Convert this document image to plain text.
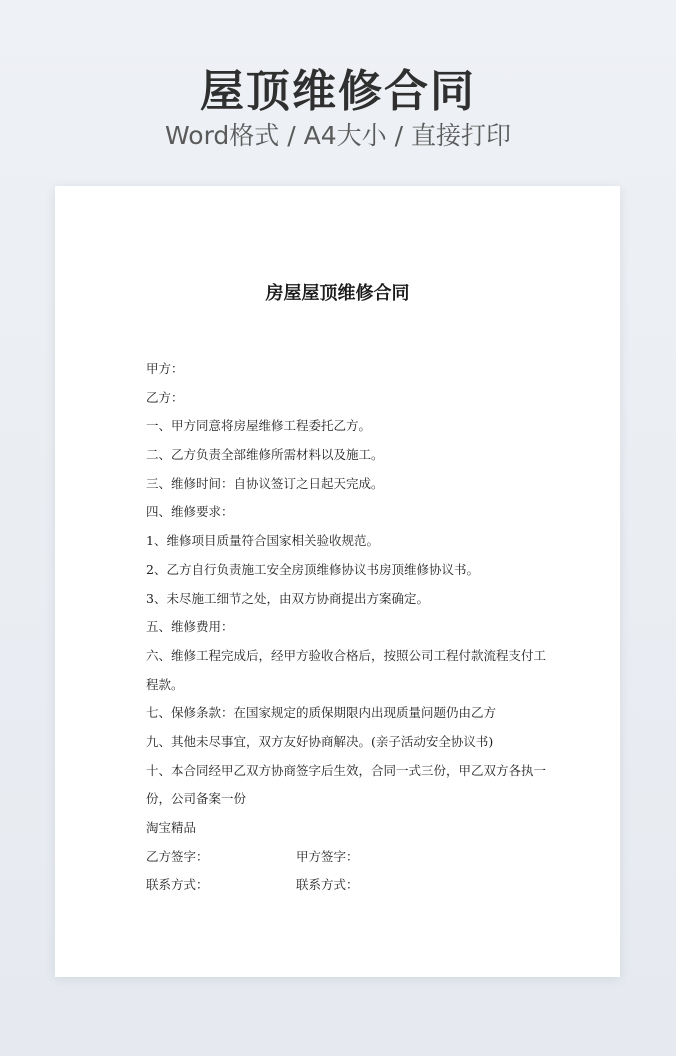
屋顶维修合同
Word格式 / A4大小 / 直接打印
房屋屋顶维修合同
甲方：
乙方：
一、甲方同意将房屋维修工程委托乙方。
二、乙方负责全部维修所需材料以及施工。
三、维修时间：自协议签订之日起天完成。
四、维修要求：
1、维修项目质量符合国家相关验收规范。
2、乙方自行负责施工安全房顶维修协议书房顶维修协议书。
3、未尽施工细节之处，由双方协商提出方案确定。
五、维修费用：
六、维修工程完成后，经甲方验收合格后，按照公司工程付款流程支付工程款。
七、保修条款：在国家规定的质保期限内出现质量问题仍由乙方
九、其他未尽事宜，双方友好协商解决。(亲子活动安全协议书)
十、本合同经甲乙双方协商签字后生效，合同一式三份，甲乙双方各执一份，公司备案一份
淘宝精品
乙方签字：	甲方签字：
联系方式：	联系方式：
